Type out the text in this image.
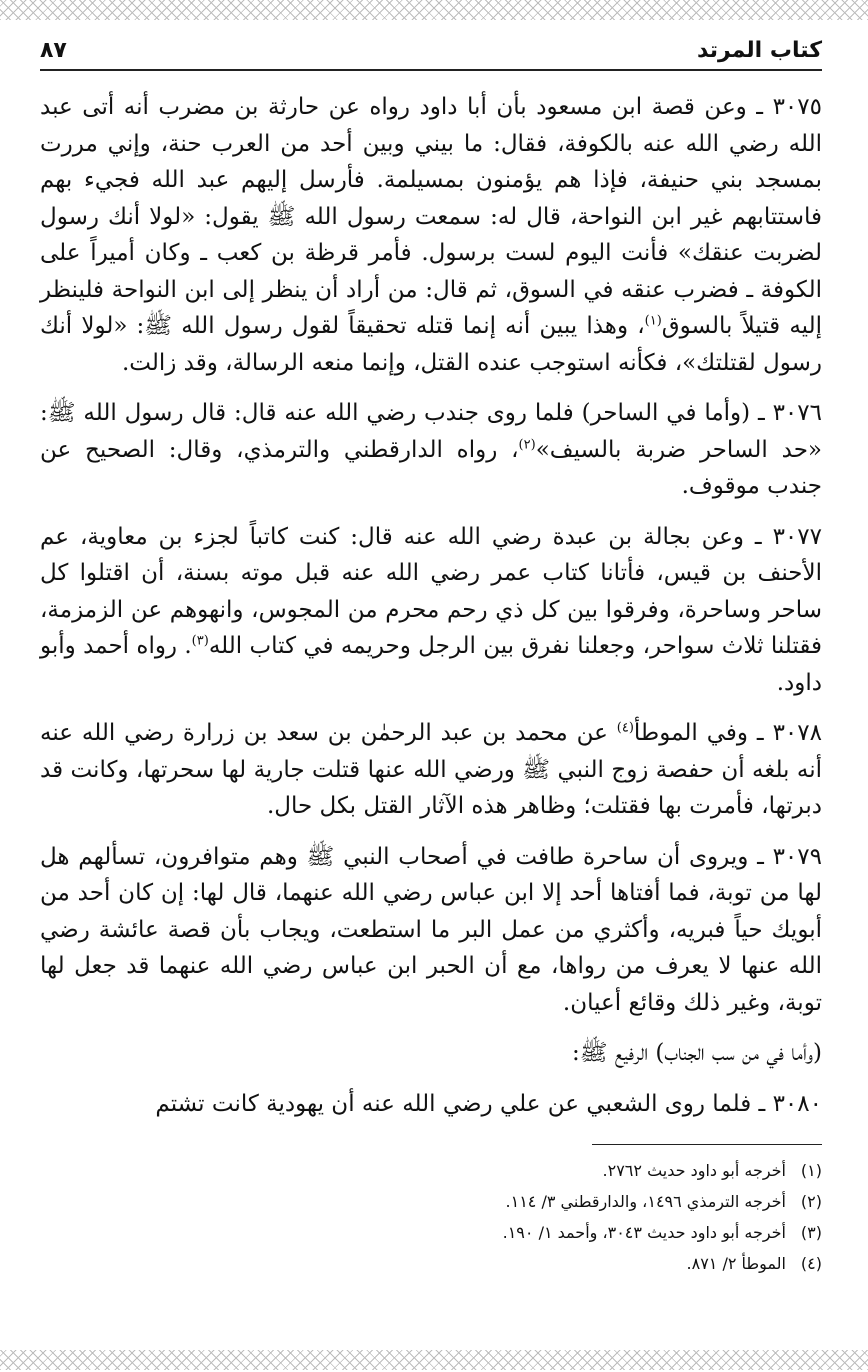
كتاب المرتد
٨٧

٣٠٧٥ ـ وعن قصة ابن مسعود بأن أبا داود رواه عن حارثة بن مضرب أنه أتى عبد الله رضي الله عنه بالكوفة، فقال: ما بيني وبين أحد من العرب حنة، وإني مررت بمسجد بني حنيفة، فإذا هم يؤمنون بمسيلمة. فأرسل إليهم عبد الله فجيء بهم فاستتابهم غير ابن النواحة، قال له: سمعت رسول الله ﷺ يقول: «لولا أنك رسول لضربت عنقك» فأنت اليوم لست برسول. فأمر قرظة بن كعب ـ وكان أميراً على الكوفة ـ فضرب عنقه في السوق، ثم قال: من أراد أن ينظر إلى ابن النواحة فلينظر إليه قتيلاً بالسوق$^{(١)}$، وهذا يبين أنه إنما قتله تحقيقاً لقول رسول الله ﷺ: «لولا أنك رسول لقتلتك»، فكأنه استوجب عنده القتل، وإنما منعه الرسالة، وقد زالت.

٣٠٧٦ ـ (وأما في الساحر) فلما روى جندب رضي الله عنه قال: قال رسول الله ﷺ: «حد الساحر ضربة بالسيف»$^{(٢)}$، رواه الدارقطني والترمذي، وقال: الصحيح عن جندب موقوف.

٣٠٧٧ ـ وعن بجالة بن عبدة رضي الله عنه قال: كنت كاتباً لجزء بن معاوية، عم الأحنف بن قيس، فأتانا كتاب عمر رضي الله عنه قبل موته بسنة، أن اقتلوا كل ساحر وساحرة، وفرقوا بين كل ذي رحم محرم من المجوس، وانهوهم عن الزمزمة، فقتلنا ثلاث سواحر، وجعلنا نفرق بين الرجل وحريمه في كتاب الله$^{(٣)}$. رواه أحمد وأبو داود.

٣٠٧٨ ـ وفي الموطأ$^{(٤)}$ عن محمد بن عبد الرحمٰن بن سعد بن زرارة رضي الله عنه أنه بلغه أن حفصة زوج النبي ﷺ ورضي الله عنها قتلت جارية لها سحرتها، وكانت قد دبرتها، فأمرت بها فقتلت؛ وظاهر هذه الآثار القتل بكل حال.

٣٠٧٩ ـ ويروى أن ساحرة طافت في أصحاب النبي ﷺ وهم متوافرون، تسألهم هل لها من توبة، فما أفتاها أحد إلا ابن عباس رضي الله عنهما، قال لها: إن كان أحد من أبويك حياً فبريه، وأكثري من عمل البر ما استطعت، ويجاب بأن قصة عائشة رضي الله عنها لا يعرف من رواها، مع أن الحبر ابن عباس رضي الله عنهما قد جعل لها توبة، وغير ذلك وقائع أعيان.

(وأما في من سب الجناب) الرفيع ﷺ:

٣٠٨٠ ـ فلما روى الشعبي عن علي رضي الله عنه أن يهودية كانت تشتم

(١)أخرجه أبو داود حديث ٢٧٦٢.

(٢)أخرجه الترمذي ١٤٩٦، والدارقطني ٣/ ١١٤.

(٣)أخرجه أبو داود حديث ٣٠٤٣، وأحمد ١/ ١٩٠.

(٤)الموطأ ٢/ ٨٧١.
